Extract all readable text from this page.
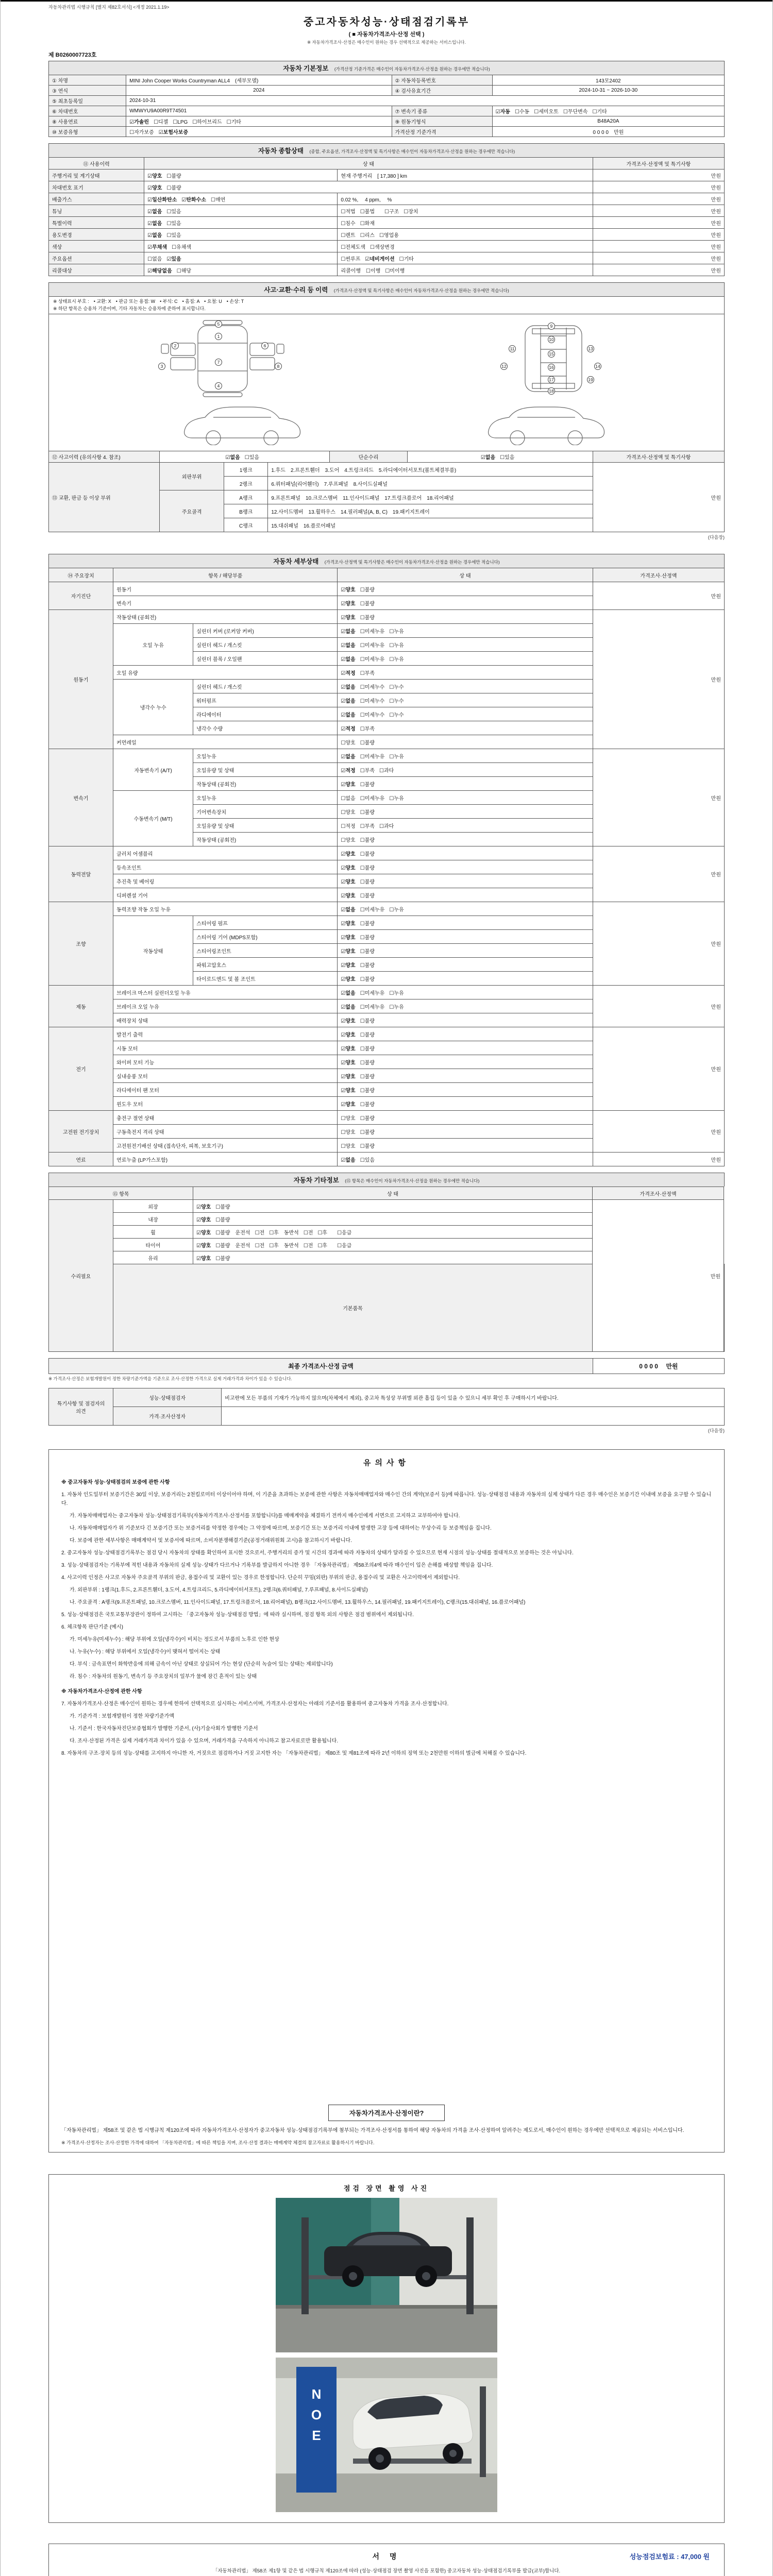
자동차관리법 시행규칙 [별지 제82호서식] <개정 2021.1.19>
중고자동차성능·상태점검기록부
( ■ 자동차가격조사·산정 선택 )
※ 자동차가격조사·산정은 매수인이 원하는 경우 선택적으로 제공하는 서비스입니다.
제 B0260007723호
자동차 기본정보 (가격산정 기준가격은 매수인이 자동차가격조사·산정을 원하는 경우에만 적습니다)
① 차명	MINI John Cooper Works Countryman ALL4　(세부모델)	② 자동차등록번호	143모2402
③ 연식	2024	④ 검사유효기간	2024-10-31 ~ 2026-10-30
⑤ 최초등록일	2024-10-31		
⑥ 차대번호	WMWYU9A00R9T74501	⑦ 변속기 종류	☑자동☐수동☐세미오토☐무단변속☐기타
⑧ 사용연료	☑가솔린☐디젤☐LPG☐하이브리드☐기타	⑨ 원동기형식	B48A20A
⑩ 보증유형	☐자가보증☑보험사보증	가격산정 기준가격	0 0 0 0　만원
자동차 종합상태 (종합, 주요옵션, 가격조사·산정액 및 특기사항은 매수인이 자동차가격조사·산정을 원하는 경우에만 적습니다)
⑪ 사용이력	상 태		가격조사·산정액 및 특기사항
주행거리 및 계기상태	☑양호☐불량	현재 주행거리　[ 17,380 ] km	만원
차대번호 표기	☑양호☐불량		만원
배출가스	☑일산화탄소☑탄화수소☐매연	0.02 %,　 4 ppm,　 %	만원
튜닝	☑없음☐있음	☐적법☐불법　☐구조☐장치	만원
특별이력	☑없음☐있음	☐침수☐화재	만원
용도변경	☑없음☐있음	☐렌트☐리스☐영업용	만원
색상	☑무채색☐유채색	☐전체도색☐색상변경	만원
주요옵션	☐없음☑있음	☐썬루프☑네비게이션☐기타	만원
리콜대상	☑해당없음☐해당	리콜이행　☐이행☐미이행	만원
사고·교환·수리 등 이력 (가격조사·산정액 및 특기사항은 매수인이 자동차가격조사·산정을 원하는 경우에만 적습니다)
※ 상태표시 부호 :　• 교환: X　• 판금 또는 용접: W　• 부식: C　• 흠집: A　• 요철: U　• 손상: T
※ 하단 항목은 승용차 기준이며, 기타 자동차는 승용차에 준하여 표시합니다.
5
1
2	6
3
7
8
4
9
10
11	13
12	14
15
16
17	19
18
⑫ 사고이력 (유의사항 4. 참조)	☑없음☐있음	단순수리	☑없음☐있음	가격조사·산정액 및 특기사항
⑬ 교환, 판금 등 이상 부위	외판부위	1랭크	1.후드　2.프론트휀더　3.도어　4.트렁크리드　5.라디에이터서포트(볼트체결부품)	만원
		2랭크	6.쿼터패널(리어휀더)　7.루프패널　8.사이드실패널	
	주요골격	A랭크	9.프론트패널　10.크로스멤버　11.인사이드패널　17.트렁크플로어　18.리어패널	
		B랭크	12.사이드멤버　13.휠하우스　14.필러패널(A, B, C)　19.패키지트레이	
		C랭크	15.대쉬패널　16.플로어패널	
(다음장)
자동차 세부상태 (가격조사·산정액 및 특기사항은 매수인이 자동차가격조사·산정을 원하는 경우에만 적습니다)
⑭ 주요장치	항목 / 해당부품		상 태	가격조사·산정액
자기진단	원동기		☑양호☐불량	만원
	변속기		☑양호☐불량	
원동기	작동상태 (공회전)		☑양호☐불량	만원
	오일 누유	실린더 커버 (로커암 커버)	☑없음☐미세누유☐누유	
		실린더 헤드 / 개스킷	☑없음☐미세누유☐누유	
		실린더 블록 / 오일팬	☑없음☐미세누유☐누유	
	오일 유량		☑적정☐부족	
	냉각수 누수	실린더 헤드 / 개스킷	☑없음☐미세누수☐누수	
		워터펌프	☑없음☐미세누수☐누수	
		라디에이터	☑없음☐미세누수☐누수	
		냉각수 수량	☑적정☐부족	
	커먼레일		☐양호☐불량	
변속기	자동변속기 (A/T)	오일누유	☑없음☐미세누유☐누유	만원
		오일유량 및 상태	☑적정☐부족☐과다	
		작동상태 (공회전)	☑양호☐불량	
	수동변속기 (M/T)	오일누유	☐없음☐미세누유☐누유	
		기어변속장치	☐양호☐불량	
		오일유량 및 상태	☐적정☐부족☐과다	
		작동상태 (공회전)	☐양호☐불량	
동력전달	클러치 어셈블리		☑양호☐불량	만원
	등속조인트		☑양호☐불량	
	추진축 및 베어링		☑양호☐불량	
	디퍼렌셜 기어		☑양호☐불량	
조향	동력조향 작동 오일 누유		☑없음☐미세누유☐누유	만원
	작동상태	스티어링 펌프	☑양호☐불량	
		스티어링 기어 (MDPS포함)	☑양호☐불량	
		스티어링조인트	☑양호☐불량	
		파워고압호스	☑양호☐불량	
		타이로드엔드 및 볼 조인트	☑양호☐불량	
제동	브레이크 마스터 실린더오일 누유		☑없음☐미세누유☐누유	만원
	브레이크 오일 누유		☑없음☐미세누유☐누유	
	배력장치 상태		☑양호☐불량	
전기	발전기 출력		☑양호☐불량	만원
	시동 모터		☑양호☐불량	
	와이퍼 모터 기능		☑양호☐불량	
	실내송풍 모터		☑양호☐불량	
	라디에이터 팬 모터		☑양호☐불량	
	윈도우 모터		☑양호☐불량	
고전원 전기장치	충전구 절연 상태		☐양호☐불량	만원
	구동축전지 격리 상태		☐양호☐불량	
	고전원전기배선 상태 (접속단자, 피복, 보호기구)		☐양호☐불량	
연료	연료누출 (LP가스포함)		☑없음☐있음	만원
자동차 기타정보 (⑮ 항목은 매수인이 자동차가격조사·산정을 원하는 경우에만 적습니다)
⑮ 항목		상 태	가격조사·산정액	
수리필요	외장	☑양호☐불량	만원	
	내장	☑양호☐불량		
	휠	☑양호☐불량　운전석☐전☐후　동반석☐전☐후　☐응급		
	타이어	☑양호☐불량　운전석☐전☐후　동반석☐전☐후　☐응급		
	유리	☑양호☐불량		
	기본품목	
최종 가격조사·산정 금액	0 0 0 0　 만원
※ 가격조사·산정은 보험개발원이 정한 차량기준가액을 기준으로 조사·산정한 가격으로 실제 거래가격과 차이가 있을 수 있습니다.
특기사항 및 점검자의 의견	성능·상태점검자	비고란에 모든 부품의 기재가 가능하지 않으며(차체에서 제외), 중고차 특성상 부위별 외관 흠집 등이 있을 수 있으니 세부 확인 후 구매하시기 바랍니다.
	가격·조사산정자	
(다음장)
유의사항
※ 중고자동차 성능·상태점검의 보증에 관한 사항
1. 자동차 인도일부터 보증기간은 30일 이상, 보증거리는 2천킬로미터 이상이어야 하며, 이 기준을 초과하는 보증에 관한 사항은 자동차매매업자와 매수인 간의 계약(보증서 등)에 따릅니다. 성능·상태점검 내용과 자동차의 실제 상태가 다른 경우 매수인은 보증기간 이내에 보증을 요구할 수 있습니다.
가. 자동차매매업자는 중고자동차 성능·상태점검기록부(자동차가격조사·산정서를 포함합니다)를 매매계약을 체결하기 전까지 매수인에게 서면으로 고지하고 교부하여야 합니다.
나. 자동차매매업자가 위 기준보다 긴 보증기간 또는 보증거리를 약정한 경우에는 그 약정에 따르며, 보증기간 또는 보증거리 이내에 발생한 고장 등에 대하여는 무상수리 등 보증책임을 집니다.
다. 보증에 관한 세부사항은 매매계약서 및 보증서에 따르며, 소비자분쟁해결기준(공정거래위원회 고시)을 참고하시기 바랍니다.
2. 중고자동차 성능·상태점검기록부는 점검 당시 자동차의 상태를 확인하여 표시한 것으로서, 주행거리의 증가 및 시간의 경과에 따라 자동차의 상태가 달라질 수 있으므로 현재 시점의 성능·상태를 절대적으로 보증하는 것은 아닙니다.
3. 성능·상태점검자는 기록부에 적힌 내용과 자동차의 실제 성능·상태가 다르거나 기록부를 발급하지 아니한 경우 「자동차관리법」 제58조의4에 따라 매수인이 입은 손해를 배상할 책임을 집니다.
4. 사고이력 인정은 사고로 자동차 주요골격 부위의 판금, 용접수리 및 교환이 있는 경우로 한정합니다. 단순히 꾸밈(외판) 부위의 판금, 용접수리 및 교환은 사고이력에서 제외합니다.
가. 외판부위 : 1랭크(1.후드, 2.프론트휀더, 3.도어, 4.트렁크리드, 5.라디에이터서포트), 2랭크(6.쿼터패널, 7.루프패널, 8.사이드실패널)
나. 주요골격 : A랭크(9.프론트패널, 10.크로스멤버, 11.인사이드패널, 17.트렁크플로어, 18.리어패널), B랭크(12.사이드멤버, 13.휠하우스, 14.필러패널, 19.패키지트레이), C랭크(15.대쉬패널, 16.플로어패널)
5. 성능·상태점검은 국토교통부장관이 정하여 고시하는 「중고자동차 성능·상태점검 방법」에 따라 실시하며, 점검 항목 외의 사항은 점검 범위에서 제외됩니다.
6. 체크항목 판단기준 (예시)
가. 미세누유(미세누수) : 해당 부위에 오일(냉각수)이 비치는 정도로서 부품의 노후로 인한 현상
나. 누유(누수) : 해당 부위에서 오일(냉각수)이 맺혀서 떨어지는 상태
다. 부식 : 금속표면이 화학반응에 의해 금속이 아닌 상태로 상실되어 가는 현상 (단순히 녹슬어 있는 상태는 제외합니다)
라. 침수 : 자동차의 원동기, 변속기 등 주요장치의 일부가 물에 잠긴 흔적이 있는 상태
※ 자동차가격조사·산정에 관한 사항
7. 자동차가격조사·산정은 매수인이 원하는 경우에 한하여 선택적으로 실시하는 서비스이며, 가격조사·산정자는 아래의 기준서를 활용하여 중고자동차 가격을 조사·산정합니다.
가. 기준가격 : 보험개발원이 정한 차량기준가액
나. 기준서 : 한국자동차진단보증협회가 발행한 기준서, (사)기술사회가 발행한 기준서
다. 조사·산정된 가격은 실제 거래가격과 차이가 있을 수 있으며, 거래가격을 구속하지 아니하고 참고자료로만 활용됩니다.
8. 자동차의 구조·장치 등의 성능·상태를 고지하지 아니한 자, 거짓으로 점검하거나 거짓 고지한 자는 「자동차관리법」 제80조 및 제81조에 따라 2년 이하의 징역 또는 2천만원 이하의 벌금에 처해질 수 있습니다.
자동차가격조사·산정이란?
「자동차관리법」 제58조 및 같은 법 시행규칙 제120조에 따라 자동차가격조사·산정자가 중고자동차 성능·상태점검기록부에 첨부되는 가격조사·산정서를 통하여 해당 자동차의 가격을 조사·산정하여 알려주는 제도로서, 매수인이 원하는 경우에만 선택적으로 제공되는 서비스입니다.
※ 가격조사·산정자는 조사·산정한 가격에 대하여 「자동차관리법」에 따른 책임을 지며, 조사·산정 결과는 매매계약 체결의 참고자료로 활용하시기 바랍니다.
점검 장면 촬영 사진
N
O
E
서 명	성능점검보험료 : 47,000 원
「자동차관리법」 제58조 제1항 및 같은 법 시행규칙 제120조에 따라 (성능·상태점검 장면 촬영 사진을 포함한) 중고자동차 성능·상태점검기록부를 발급(교부)합니다.
